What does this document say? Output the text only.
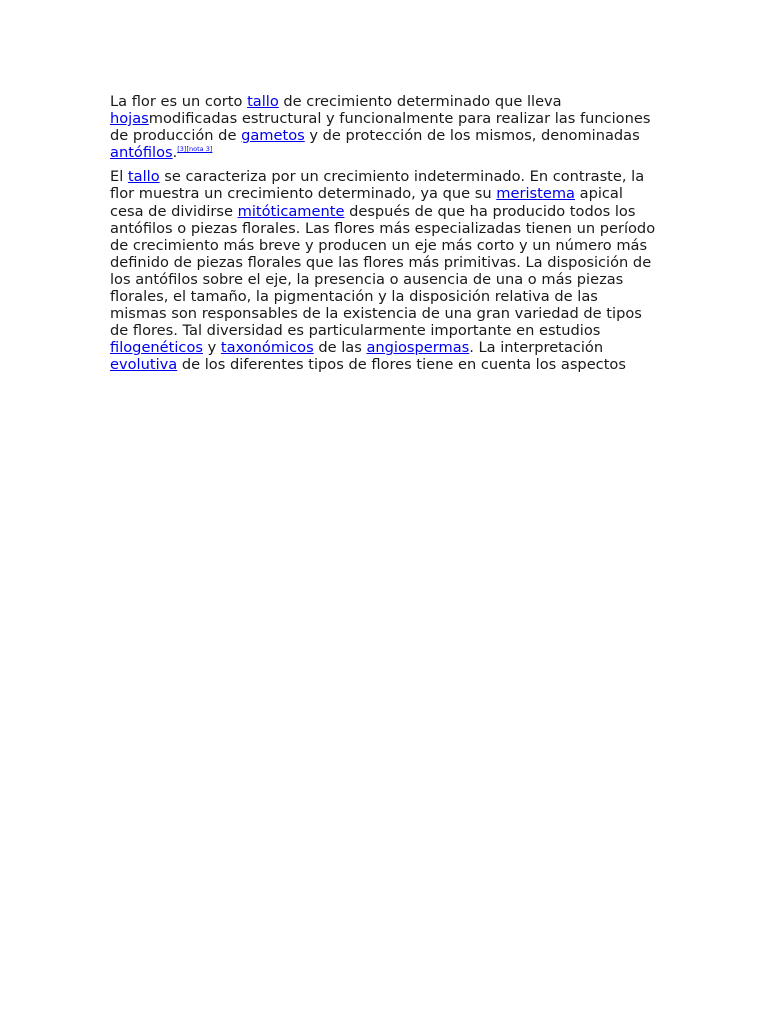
La flor es un corto tallo de crecimiento determinado que lleva hojasmodificadas estructural y funcionalmente para realizar las funciones de producción de gametos y de protección de los mismos, denominadas antófilos.[3][nota 3]

El tallo se caracteriza por un crecimiento indeterminado. En contraste, la flor muestra un crecimiento determinado, ya que su meristema apical cesa de dividirse mitóticamente después de que ha producido todos los antófilos o piezas florales. Las flores más especializadas tienen un período de crecimiento más breve y producen un eje más corto y un número más definido de piezas florales que las flores más primitivas. La disposición de los antófilos sobre el eje, la presencia o ausencia de una o más piezas florales, el tamaño, la pigmentación y la disposición relativa de las mismas son responsables de la existencia de una gran variedad de tipos de flores. Tal diversidad es particularmente importante en estudios filogenéticos y taxonómicos de las angiospermas. La interpretación evolutiva de los diferentes tipos de flores tiene en cuenta los aspectos
